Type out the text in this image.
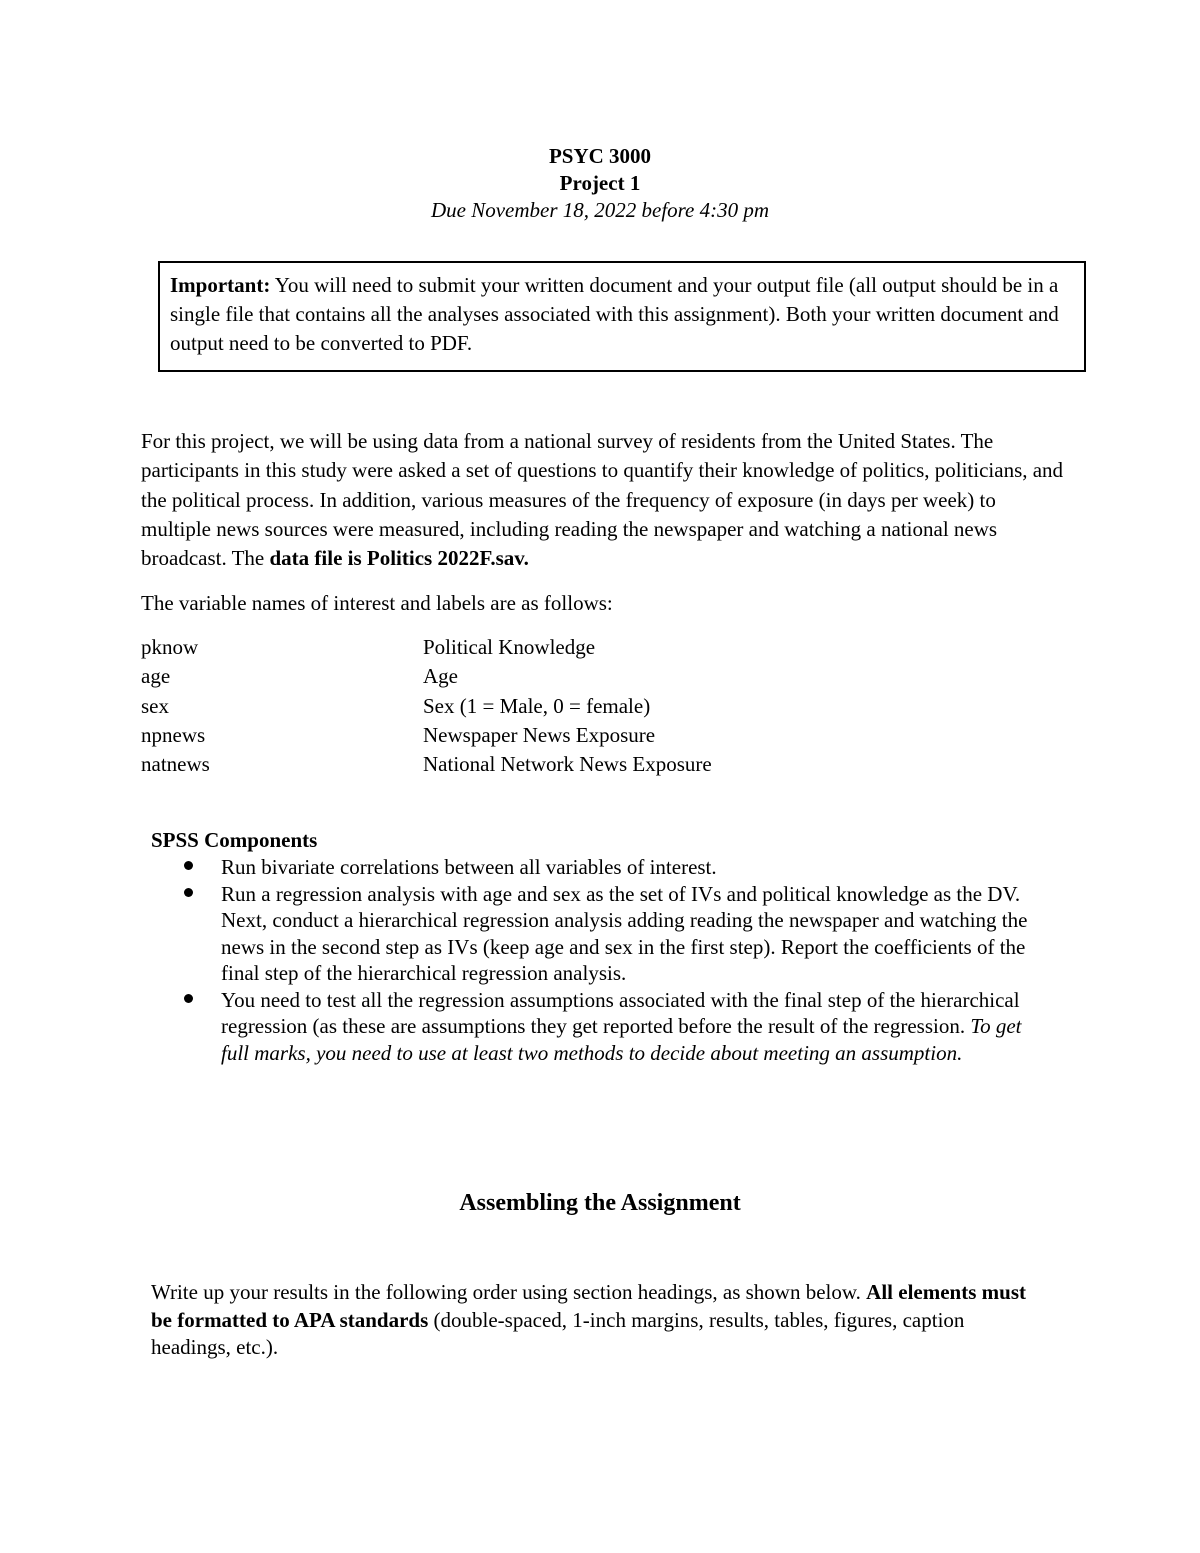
PSYC 3000
Project 1
Due November 18, 2022 before 4:30 pm
Important: You will need to submit your written document and your output file (all output should be in a single file that contains all the analyses associated with this assignment). Both your written document and output need to be converted to PDF.
For this project, we will be using data from a national survey of residents from the United States. The participants in this study were asked a set of questions to quantify their knowledge of politics, politicians, and the political process. In addition, various measures of the frequency of exposure (in days per week) to multiple news sources were measured, including reading the newspaper and watching a national news broadcast. The data file is Politics 2022F.sav.
The variable names of interest and labels are as follows:
pknow	Political Knowledge
age	Age
sex	Sex (1 = Male, 0 = female)
npnews	Newspaper News Exposure
natnews	National Network News Exposure
SPSS Components
Run bivariate correlations between all variables of interest.
Run a regression analysis with age and sex as the set of IVs and political knowledge as the DV. Next, conduct a hierarchical regression analysis adding reading the newspaper and watching the news in the second step as IVs (keep age and sex in the first step). Report the coefficients of the final step of the hierarchical regression analysis.
You need to test all the regression assumptions associated with the final step of the hierarchical regression (as these are assumptions they get reported before the result of the regression. To get full marks, you need to use at least two methods to decide about meeting an assumption.
Assembling the Assignment
Write up your results in the following order using section headings, as shown below. All elements must be formatted to APA standards (double-spaced, 1-inch margins, results, tables, figures, caption headings, etc.).
